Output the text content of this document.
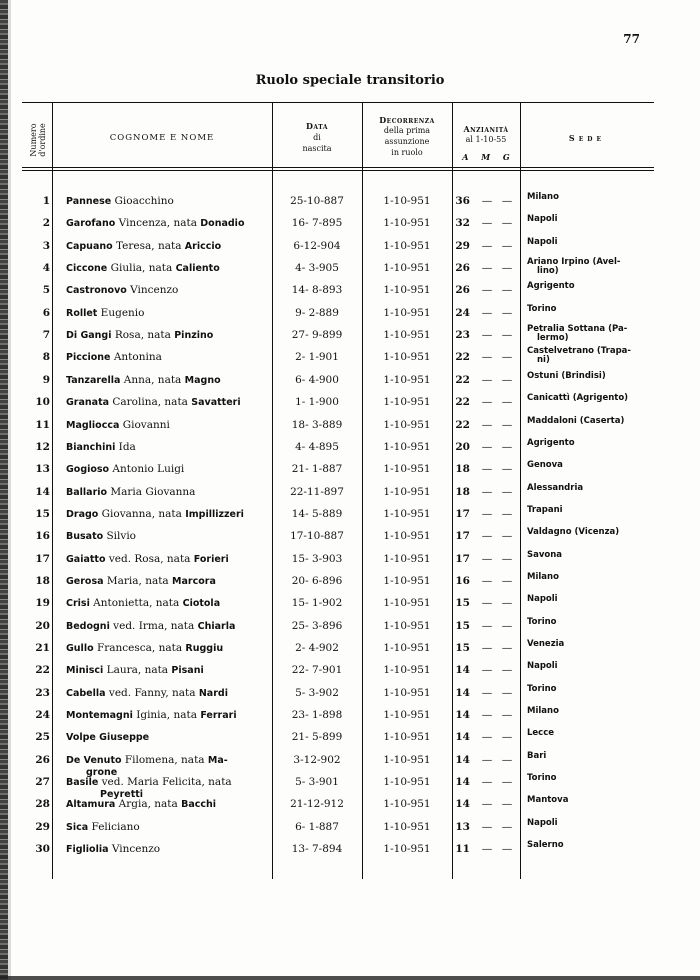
77
Ruolo speciale transitorio
Numero d'ordine	COGNOME E NOME
Data
di
nascita
Decorrenza
della prima
assunzione
in ruolo
Anzianità
al 1-10-55
A M G
Sede
1 Pannese Gioacchino	25-10-887	1-10-951	36 — — Milano
2 Garofano Vincenza, nata Donadio	16- 7-895	1-10-951	32 — — Napoli
3 Capuano Teresa, nata Ariccio	6-12-904	1-10-951	29 — — Napoli
4 Ciccone Giulia, nata Caliento	4- 3-905	1-10-951	26 — — Ariano Irpino (Avel-
lino)
5 Castronovo Vincenzo	14- 8-893	1-10-951	26 — — Agrigento
6 Rollet Eugenio	9- 2-889	1-10-951	24 — — Torino
7 Di Gangi Rosa, nata Pinzino	27- 9-899	1-10-951	23 — — Petralia Sottana (Pa-
lermo)
8 Piccione Antonina	2- 1-901	1-10-951	22 — — Castelvetrano (Trapa-
ni)
9 Tanzarella Anna, nata Magno	6- 4-900	1-10-951	22 — — Ostuni (Brindisi)
10 Granata Carolina, nata Savatteri	1- 1-900	1-10-951	22 — — Canicattì (Agrigento)
11 Magliocca Giovanni	18- 3-889	1-10-951	22 — — Maddaloni (Caserta)
12 Bianchini Ida	4- 4-895	1-10-951	20 — — Agrigento
13 Gogioso Antonio Luigi	21- 1-887	1-10-951	18 — — Genova
14 Ballario Maria Giovanna	22-11-897	1-10-951	18 — — Alessandria
15 Drago Giovanna, nata Impillizzeri	14- 5-889	1-10-951	17 — — Trapani
16 Busato Silvio	17-10-887	1-10-951	17 — — Valdagno (Vicenza)
17 Gaiatto ved. Rosa, nata Forieri	15- 3-903	1-10-951	17 — — Savona
18 Gerosa Maria, nata Marcora	20- 6-896	1-10-951	16 — — Milano
19 Crisi Antonietta, nata Ciotola	15- 1-902	1-10-951	15 — — Napoli
20 Bedogni ved. Irma, nata Chiarla	25- 3-896	1-10-951	15 — — Torino
21 Gullo Francesca, nata Ruggiu	2- 4-902	1-10-951	15 — — Venezia
22 Minisci Laura, nata Pisani	22- 7-901	1-10-951	14 — — Napoli
23 Cabella ved. Fanny, nata Nardi	5- 3-902	1-10-951	14 — — Torino
24 Montemagni Iginia, nata Ferrari	23- 1-898	1-10-951	14 — — Milano
25 Volpe Giuseppe	21- 5-899	1-10-951	14 — — Lecce
26 De Venuto Filomena, nata Ma-
grone
3-12-902	1-10-951	14 — — Bari
27 Basile ved. Maria Felicita, nata
Peyretti
5- 3-901	1-10-951	14 — — Torino
28 Altamura Argia, nata Bacchi	21-12-912	1-10-951	14 — — Mantova
29 Sica Feliciano	6- 1-887	1-10-951	13 — — Napoli
30 Figliolia Vincenzo	13- 7-894	1-10-951	11 — — Salerno
